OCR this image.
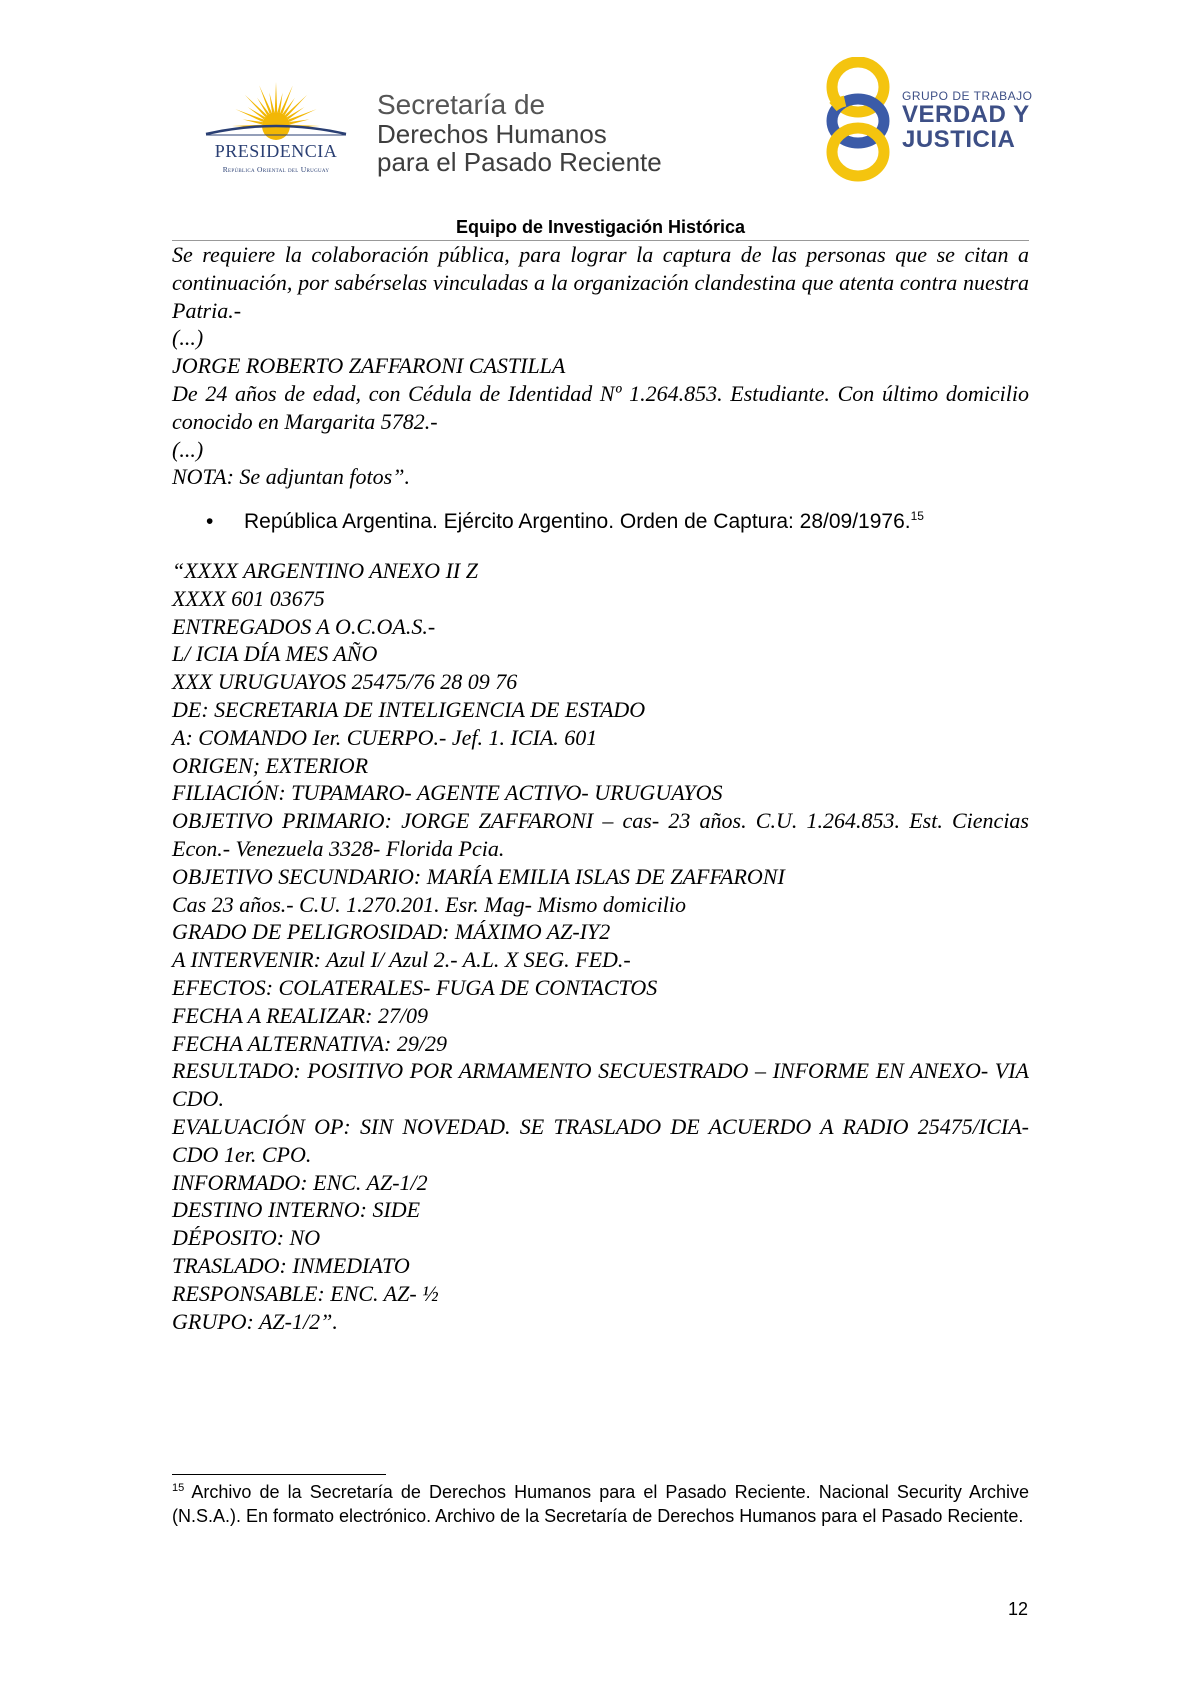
PRESIDENCIA
República Oriental del Uruguay
Secretaría de
Derechos Humanos
para el Pasado Reciente
GRUPO DE TRABAJO
VERDAD Y
JUSTICIA
Equipo de Investigación Histórica

Se requiere la colaboración pública, para lograr la captura de las personas que se citan a continuación, por sabérselas vinculadas a la organización clandestina que atenta contra nuestra Patria.-

(...)

JORGE ROBERTO ZAFFARONI CASTILLA

De 24 años de edad, con Cédula de Identidad Nº 1.264.853. Estudiante. Con último domicilio conocido en Margarita 5782.-

(...)

NOTA: Se adjuntan fotos”.

• República Argentina. Ejército Argentino. Orden de Captura: 28/09/1976.15

“XXXX ARGENTINO ANEXO II Z

XXXX 601 03675

ENTREGADOS A O.C.OA.S.-

L/ ICIA DÍA MES AÑO

XXX URUGUAYOS 25475/76 28 09 76

DE: SECRETARIA DE INTELIGENCIA DE ESTADO

A: COMANDO Ier. CUERPO.- Jef. 1. ICIA. 601

ORIGEN; EXTERIOR

FILIACIÓN: TUPAMARO- AGENTE ACTIVO- URUGUAYOS

OBJETIVO PRIMARIO: JORGE ZAFFARONI – cas- 23 años. C.U. 1.264.853. Est. Ciencias Econ.- Venezuela 3328- Florida Pcia.

OBJETIVO SECUNDARIO: MARÍA EMILIA ISLAS DE ZAFFARONI

Cas 23 años.- C.U. 1.270.201. Esr. Mag- Mismo domicilio

GRADO DE PELIGROSIDAD: MÁXIMO AZ-IY2

A INTERVENIR: Azul I/ Azul 2.- A.L. X SEG. FED.-

EFECTOS: COLATERALES- FUGA DE CONTACTOS

FECHA A REALIZAR: 27/09

FECHA ALTERNATIVA: 29/29

RESULTADO: POSITIVO POR ARMAMENTO SECUESTRADO – INFORME EN ANEXO- VIA CDO.

EVALUACIÓN OP: SIN NOVEDAD. SE TRASLADO DE ACUERDO A RADIO 25475/ICIA- CDO 1er. CPO.

INFORMADO: ENC. AZ-1/2

DESTINO INTERNO: SIDE

DÉPOSITO: NO

TRASLADO: INMEDIATO

RESPONSABLE: ENC. AZ- ½

GRUPO: AZ-1/2”.

$^{15}$ Archivo de la Secretaría de Derechos Humanos para el Pasado Reciente. Nacional Security Archive (N.S.A.). En formato electrónico. Archivo de la Secretaría de Derechos Humanos para el Pasado Reciente.
12
